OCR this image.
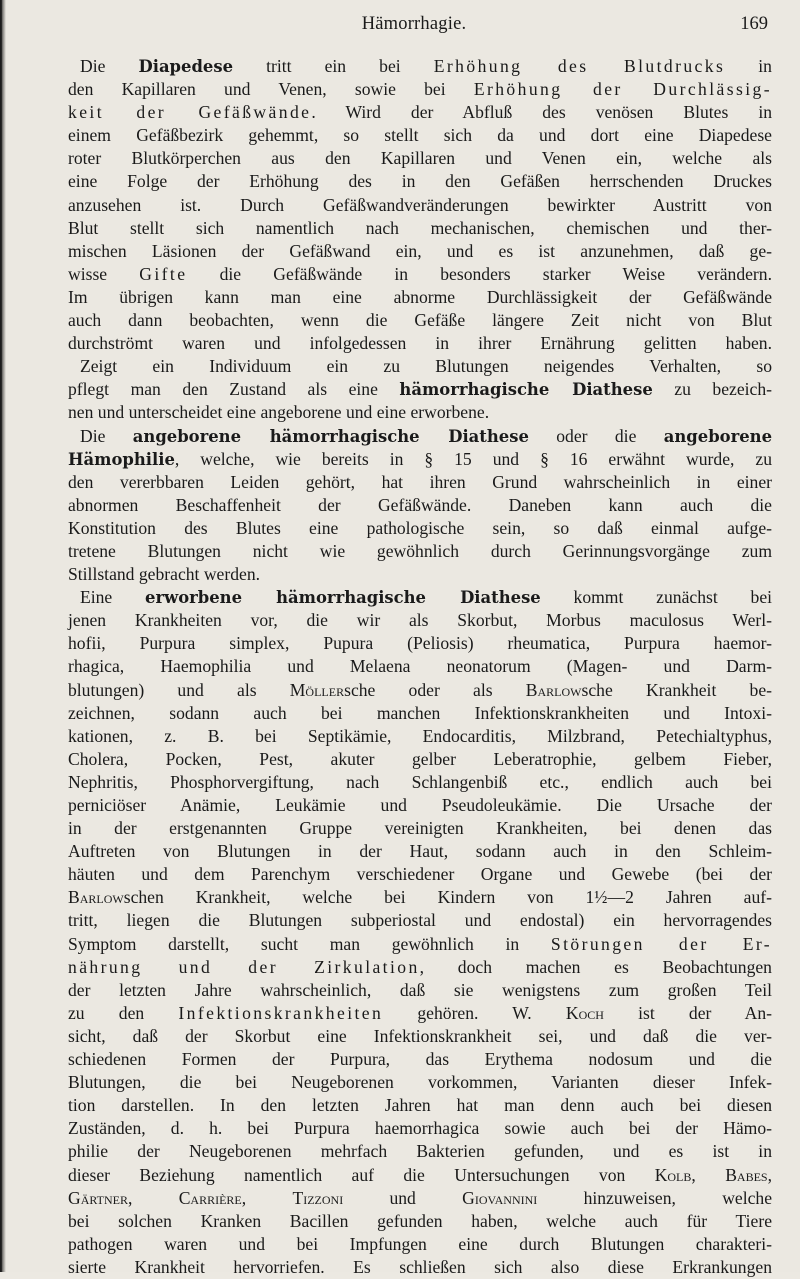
Hämorrhagie.	169
Die Diapedese tritt ein bei Erhöhung des Blutdrucks in
den Kapillaren und Venen, sowie bei Erhöhung der Durchlässig-
keit der Gefäßwände. Wird der Abfluß des venösen Blutes in
einem Gefäßbezirk gehemmt, so stellt sich da und dort eine Diapedese
roter Blutkörperchen aus den Kapillaren und Venen ein, welche als
eine Folge der Erhöhung des in den Gefäßen herrschenden Druckes
anzusehen ist. Durch Gefäßwandveränderungen bewirkter Austritt von
Blut stellt sich namentlich nach mechanischen, chemischen und ther-
mischen Läsionen der Gefäßwand ein, und es ist anzunehmen, daß ge-
wisse Gifte die Gefäßwände in besonders starker Weise verändern.
Im übrigen kann man eine abnorme Durchlässigkeit der Gefäßwände
auch dann beobachten, wenn die Gefäße längere Zeit nicht von Blut
durchströmt waren und infolgedessen in ihrer Ernährung gelitten haben.
Zeigt ein Individuum ein zu Blutungen neigendes Verhalten, so
pflegt man den Zustand als eine hämorrhagische Diathese zu bezeich-
nen und unterscheidet eine angeborene und eine erworbene.
Die angeborene hämorrhagische Diathese oder die angeborene
Hämophilie, welche, wie bereits in § 15 und § 16 erwähnt wurde, zu
den vererbbaren Leiden gehört, hat ihren Grund wahrscheinlich in einer
abnormen Beschaffenheit der Gefäßwände. Daneben kann auch die
Konstitution des Blutes eine pathologische sein, so daß einmal aufge-
tretene Blutungen nicht wie gewöhnlich durch Gerinnungsvorgänge zum
Stillstand gebracht werden.
Eine erworbene hämorrhagische Diathese kommt zunächst bei
jenen Krankheiten vor, die wir als Skorbut, Morbus maculosus Werl-
hofii, Purpura simplex, Pupura (Peliosis) rheumatica, Purpura haemor-
rhagica, Haemophilia und Melaena neonatorum (Magen- und Darm-
blutungen) und als Möllersche oder als Barlowsche Krankheit be-
zeichnen, sodann auch bei manchen Infektionskrankheiten und Intoxi-
kationen, z. B. bei Septikämie, Endocarditis, Milzbrand, Petechialtyphus,
Cholera, Pocken, Pest, akuter gelber Leberatrophie, gelbem Fieber,
Nephritis, Phosphorvergiftung, nach Schlangenbiß etc., endlich auch bei
perniciöser Anämie, Leukämie und Pseudoleukämie. Die Ursache der
in der erstgenannten Gruppe vereinigten Krankheiten, bei denen das
Auftreten von Blutungen in der Haut, sodann auch in den Schleim-
häuten und dem Parenchym verschiedener Organe und Gewebe (bei der
Barlowschen Krankheit, welche bei Kindern von 1½—2 Jahren auf-
tritt, liegen die Blutungen subperiostal und endostal) ein hervorragendes
Symptom darstellt, sucht man gewöhnlich in Störungen der Er-
nährung und der Zirkulation, doch machen es Beobachtungen
der letzten Jahre wahrscheinlich, daß sie wenigstens zum großen Teil
zu den Infektionskrankheiten gehören. W. Koch ist der An-
sicht, daß der Skorbut eine Infektionskrankheit sei, und daß die ver-
schiedenen Formen der Purpura, das Erythema nodosum und die
Blutungen, die bei Neugeborenen vorkommen, Varianten dieser Infek-
tion darstellen. In den letzten Jahren hat man denn auch bei diesen
Zuständen, d. h. bei Purpura haemorrhagica sowie auch bei der Hämo-
philie der Neugeborenen mehrfach Bakterien gefunden, und es ist in
dieser Beziehung namentlich auf die Untersuchungen von Kolb, Babes,
Gärtner, Carrière, Tizzoni und Giovannini hinzuweisen, welche
bei solchen Kranken Bacillen gefunden haben, welche auch für Tiere
pathogen waren und bei Impfungen eine durch Blutungen charakteri-
sierte Krankheit hervorriefen. Es schließen sich also diese Erkrankungen
